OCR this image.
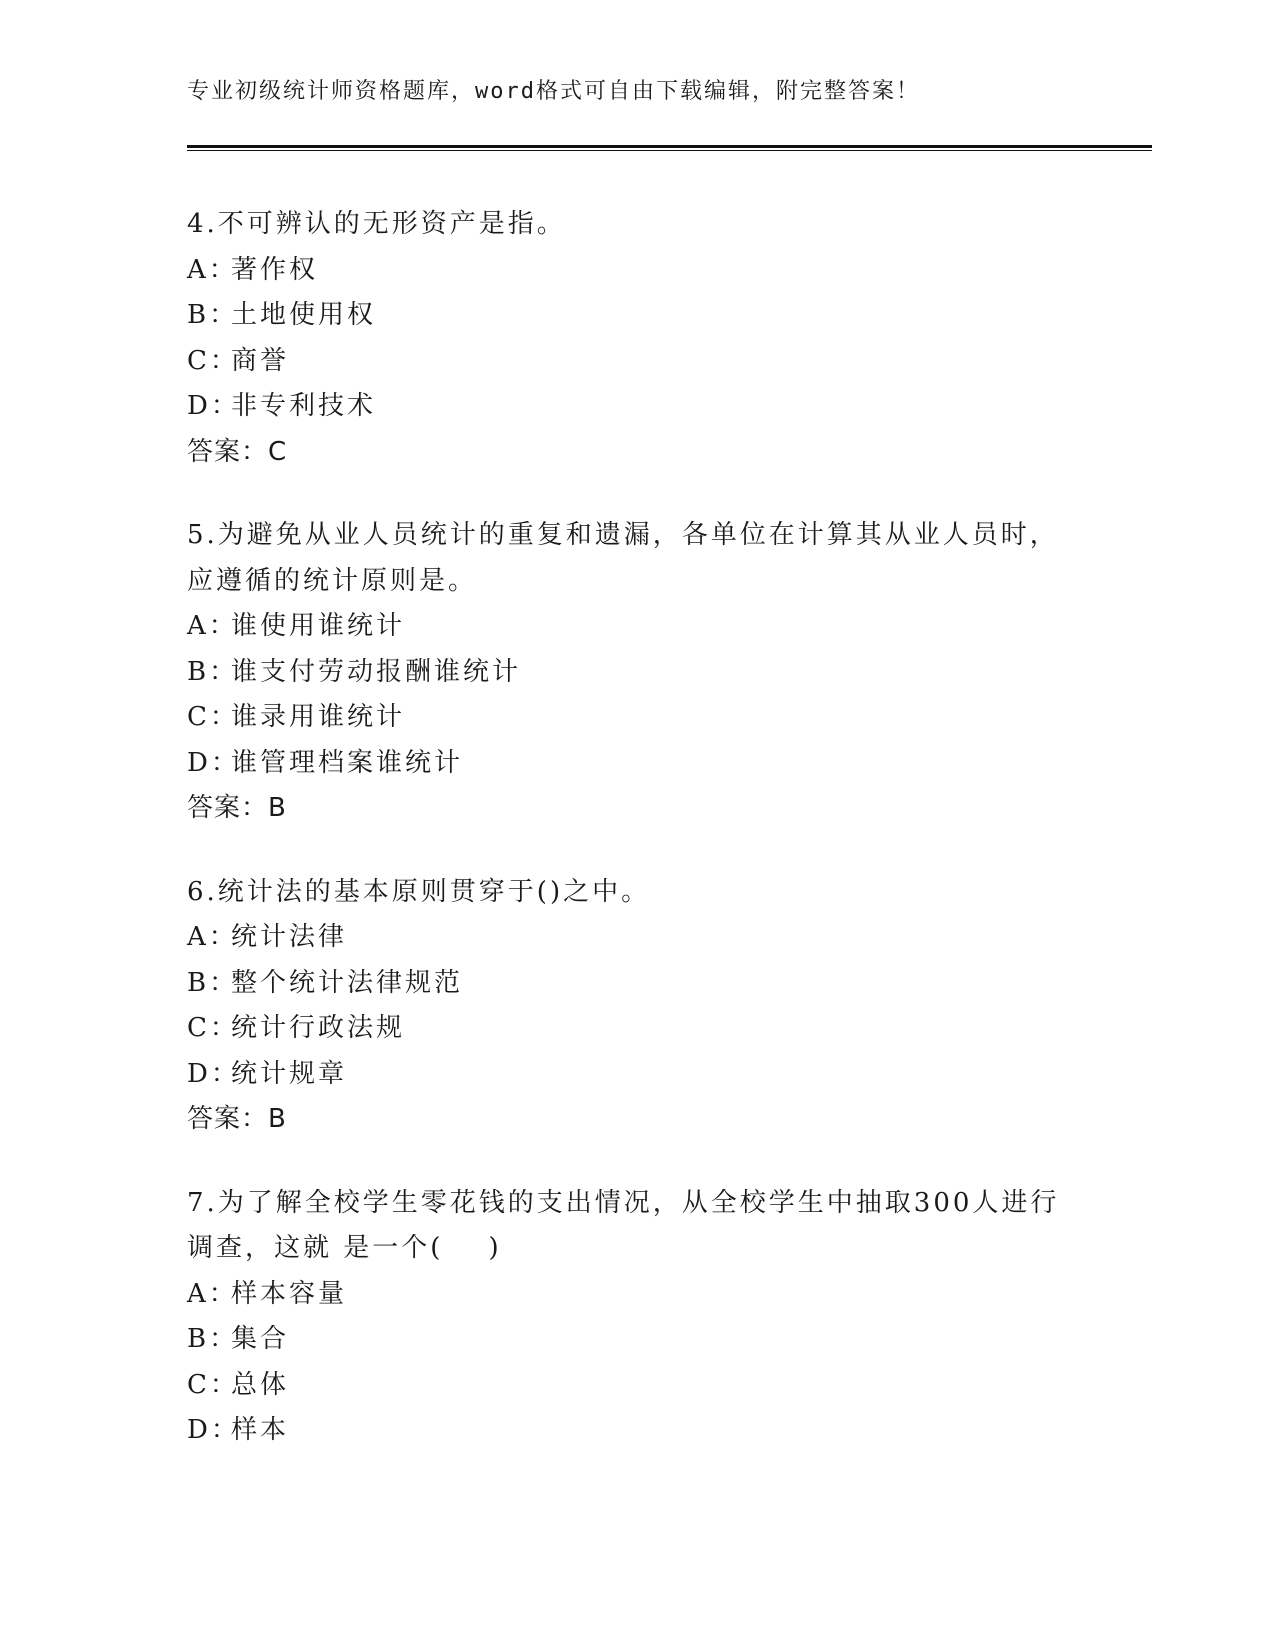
专业初级统计师资格题库，word格式可自由下载编辑，附完整答案！
4.不可辨认的无形资产是指。
A：著作权
B：土地使用权
C：商誉
D：非专利技术
答案：C
5.为避免从业人员统计的重复和遗漏，各单位在计算其从业人员时，
应遵循的统计原则是。
A：谁使用谁统计
B：谁支付劳动报酬谁统计
C：谁录用谁统计
D：谁管理档案谁统计
答案：B
6.统计法的基本原则贯穿于()之中。
A：统计法律
B：整个统计法律规范
C：统计行政法规
D：统计规章
答案：B
7.为了解全校学生零花钱的支出情况，从全校学生中抽取300人进行
调查，这就 是一个(    )
A：样本容量
B：集合
C：总体
D：样本
